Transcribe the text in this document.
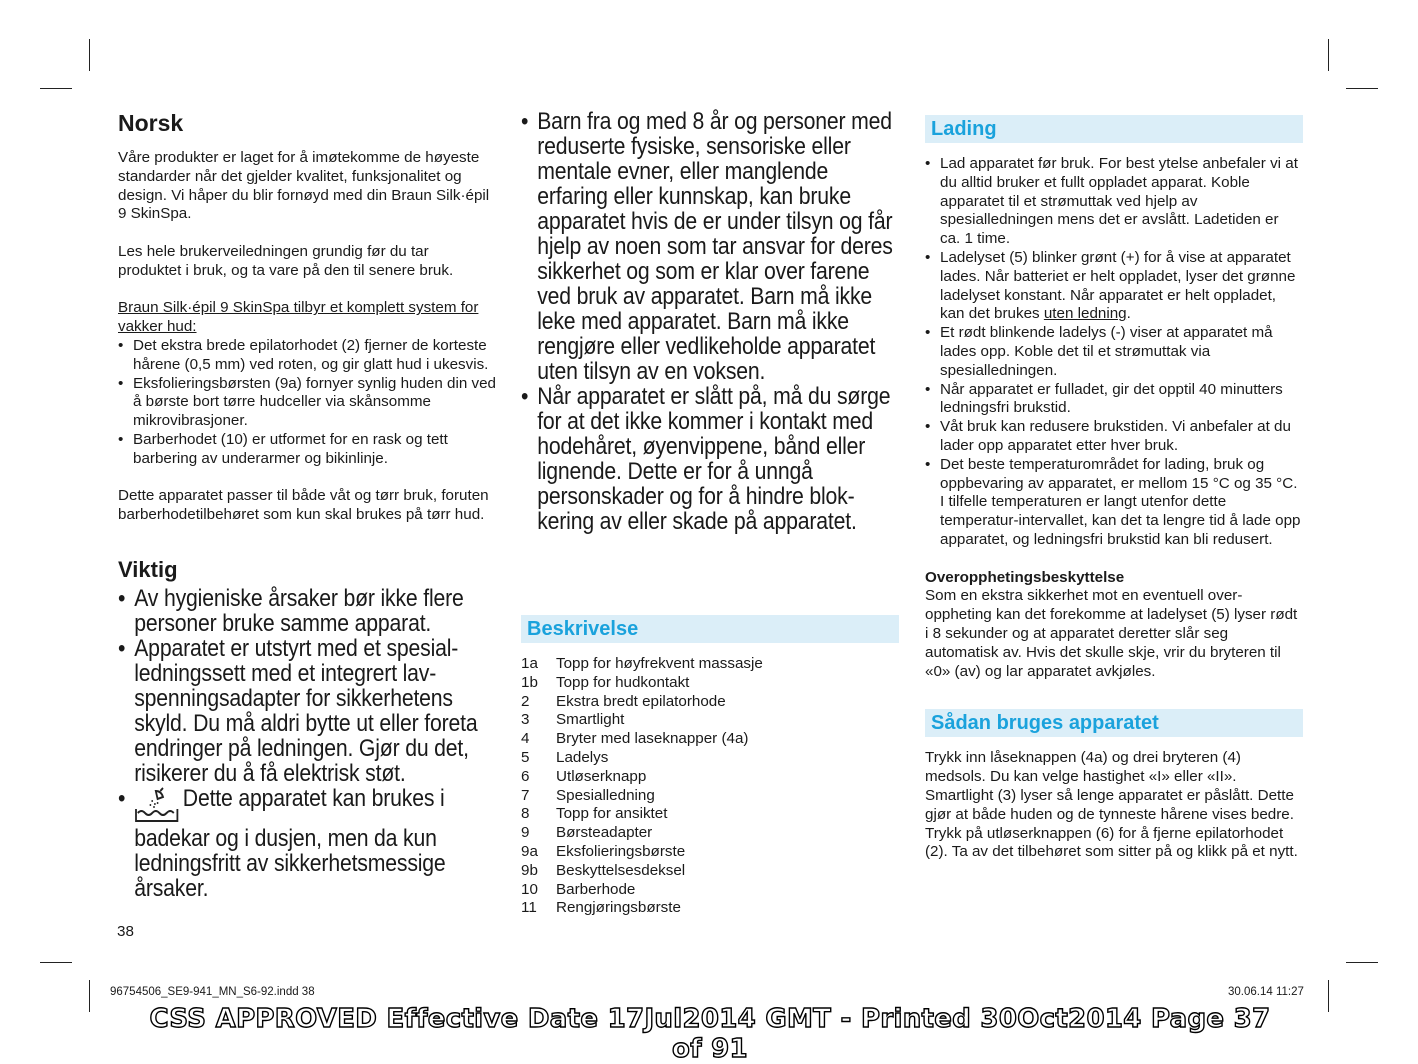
Norsk

Våre produkter er laget for å imøtekomme de høyeste standarder når det gjelder kvalitet, funksjonalitet og design. Vi håper du blir fornøyd med din Braun Silk·épil 9 SkinSpa.

Les hele brukerveiledningen grundig før du tar produktet i bruk, og ta vare på den til senere bruk.

Braun Silk·épil 9 SkinSpa tilbyr et komplett system for vakker hud:

• Det ekstra brede epilatorhodet (2) fjerner de korteste hårene (0,5 mm) ved roten, og gir glatt hud i ukesvis.
• Eksfolieringsbørsten (9a) fornyer synlig huden din ved å børste bort tørre hudceller via skånsomme mikrovibrasjoner.
• Barberhodet (10) er utformet for en rask og tett barbering av underarmer og bikinlinje.

Dette apparatet passer til både våt og tørr bruk, foruten barberhodetilbehøret som kun skal brukes på tørr hud.

Viktig
• Av hygieniske årsaker bør ikke flere personer bruke samme apparat.
• Apparatet er utstyrt med et spesialledningssett med et integrert lavspenningsadapter for sikkerhetens skyld. Du må aldri bytte ut eller foreta endringer på ledningen. Gjør du det, risikerer du å få elektrisk støt.
• Dette apparatet kan brukes i badekar og i dusjen, men da kun ledningsfritt av sikkerhetsmessige årsaker.
• Barn fra og med 8 år og personer med reduserte fysiske, sensoriske eller mentale evner, eller manglende erfaring eller kunnskap, kan bruke apparatet hvis de er under tilsyn og får hjelp av noen som tar ansvar for deres sikkerhet og som er klar over farene ved bruk av apparatet. Barn må ikke leke med apparatet. Barn må ikke rengjøre eller vedlikeholde apparatet uten tilsyn av en voksen.
• Når apparatet er slått på, må du sørge for at det ikke kommer i kontakt med hodehåret, øyenvippene, bånd eller lignende. Dette er for å unngå personskader og for å hindre blokkering av eller skade på apparatet.
Beskrivelse
1a	Topp for høyfrekvent massasje
1b	Topp for hudkontakt
2	Ekstra bredt epilatorhode
3	Smartlight
4	Bryter med laseknapper (4a)
5	Ladelys
6	Utløserknapp
7	Spesialledning
8	Topp for ansiktet
9	Børsteadapter
9a	Eksfolieringsbørste
9b	Beskyttelsesdeksel
10	Barberhode
11	Rengjøringsbørste
Lading
• Lad apparatet før bruk. For best ytelse anbefaler vi at du alltid bruker et fullt oppladet apparat. Koble apparatet til et strømuttak ved hjelp av spesialledningen mens det er avslått. Ladetiden er ca. 1 time.
• Ladelyset (5) blinker grønt (+) for å vise at apparatet lades. Når batteriet er helt oppladet, lyser det grønne ladelyset konstant. Når apparatet er helt oppladet, kan det brukes uten ledning.
• Et rødt blinkende ladelys (-) viser at apparatet må lades opp. Koble det til et strømuttak via spesialledningen.
• Når apparatet er fulladet, gir det opptil 40 minutters ledningsfri brukstid.
• Våt bruk kan redusere brukstiden. Vi anbefaler at du lader opp apparatet etter hver bruk.
• Det beste temperaturområdet for lading, bruk og oppbevaring av apparatet, er mellom 15 °C og 35 °C. I tilfelle temperaturen er langt utenfor dette temperatur-intervallet, kan det ta lengre tid å lade opp apparatet, og ledningsfri brukstid kan bli redusert.

Overopphetingsbeskyttelse

Som en ekstra sikkerhet mot en eventuell overoppheting kan det forekomme at ladelyset (5) lyser rødt i 8 sekunder og at apparatet deretter slår seg automatisk av. Hvis det skulle skje, vrir du bryteren til «0» (av) og lar apparatet avkjøles.

Sådan bruges apparatet

Trykk inn låseknappen (4a) og drei bryteren (4) medsols. Du kan velge hastighet «I» eller «II». Smartlight (3) lyser så lenge apparatet er påslått. Dette gjør at både huden og de tynneste hårene vises bedre. Trykk på utløserknappen (6) for å fjerne epilatorhodet (2). Ta av det tilbehøret som sitter på og klikk på et nytt.

38
96754506_SE9-941_MN_S6-92.indd 38	30.06.14 11:27
CSS APPROVED Effective Date 17Jul2014 GMT - Printed 30Oct2014 Page 37 of 91
